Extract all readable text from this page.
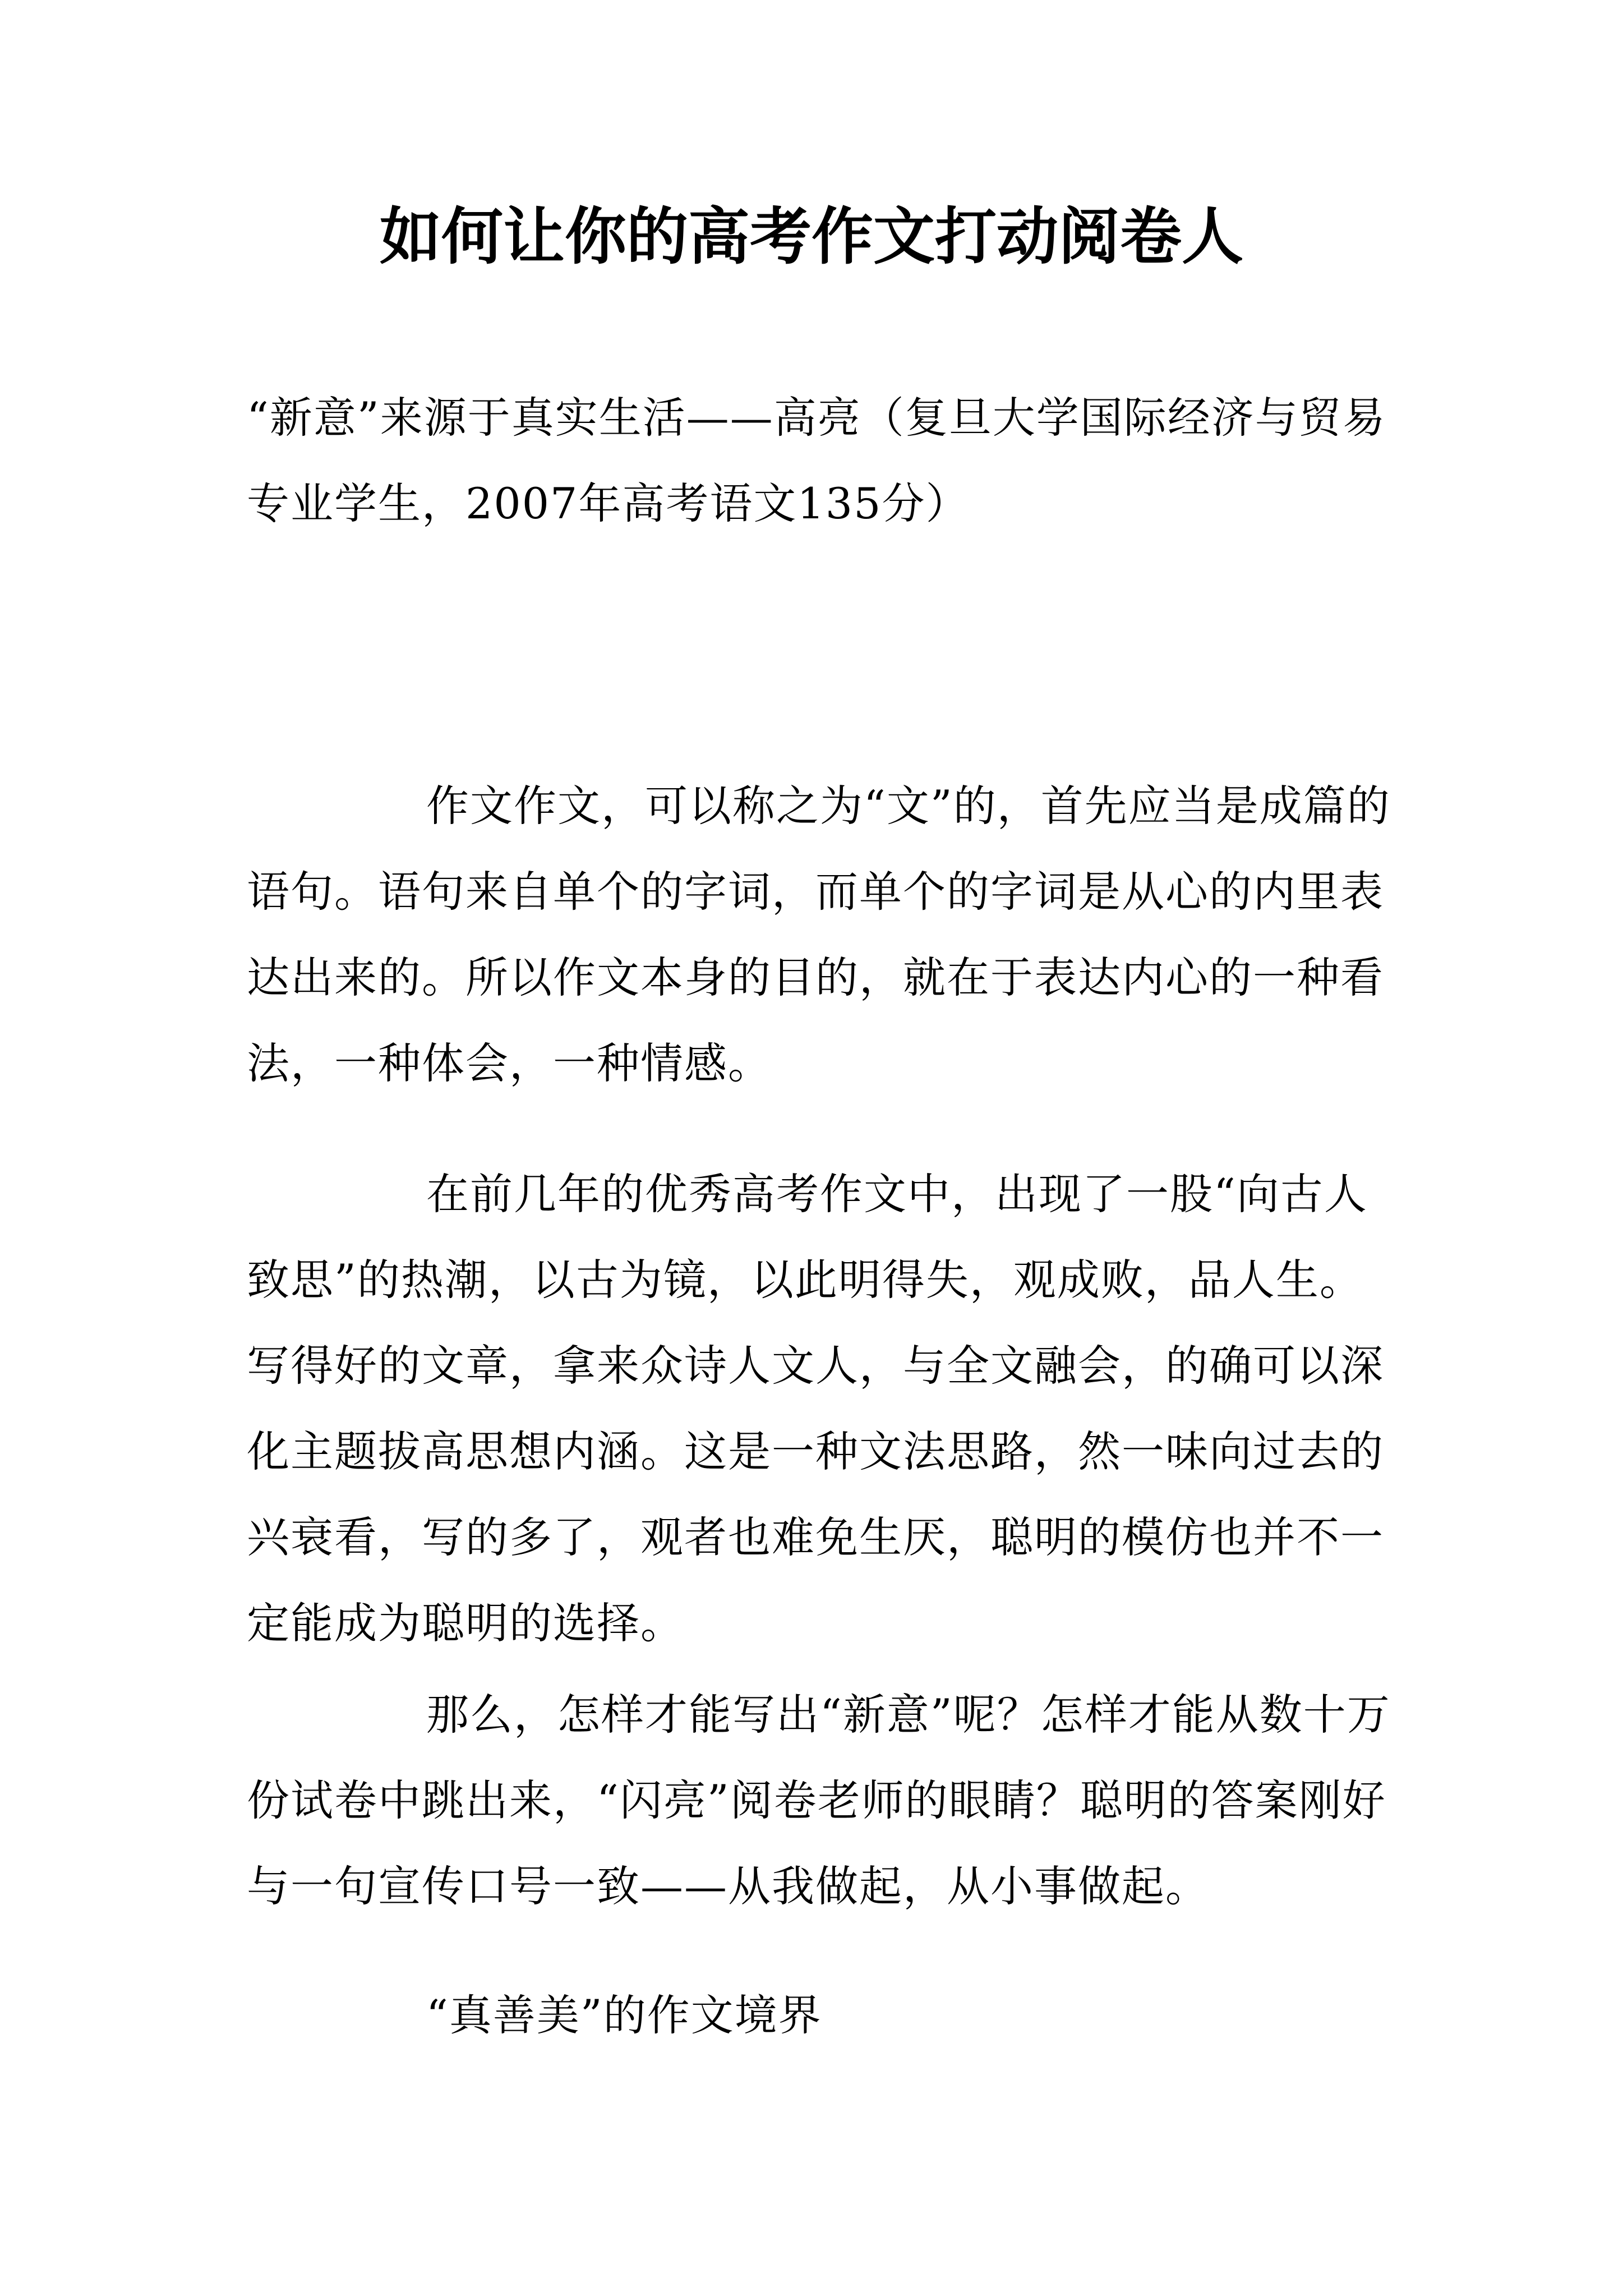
如何让你的高考作文打动阅卷人

“新意”来源于真实生活——高亮（复旦大学国际经济与贸易专业学生，2007年高考语文135分）

作文作文，可以称之为“文”的，首先应当是成篇的语句。语句来自单个的字词，而单个的字词是从心的内里表达出来的。所以作文本身的目的，就在于表达内心的一种看法，一种体会，一种情感。

在前几年的优秀高考作文中，出现了一股“向古人致思”的热潮，以古为镜，以此明得失，观成败，品人生。写得好的文章，拿来众诗人文人，与全文融会，的确可以深化主题拔高思想内涵。这是一种文法思路，然一味向过去的兴衰看，写的多了，观者也难免生厌，聪明的模仿也并不一定能成为聪明的选择。

那么，怎样才能写出“新意”呢？怎样才能从数十万份试卷中跳出来，“闪亮”阅卷老师的眼睛？聪明的答案刚好与一句宣传口号一致——从我做起，从小事做起。

“真善美”的作文境界
